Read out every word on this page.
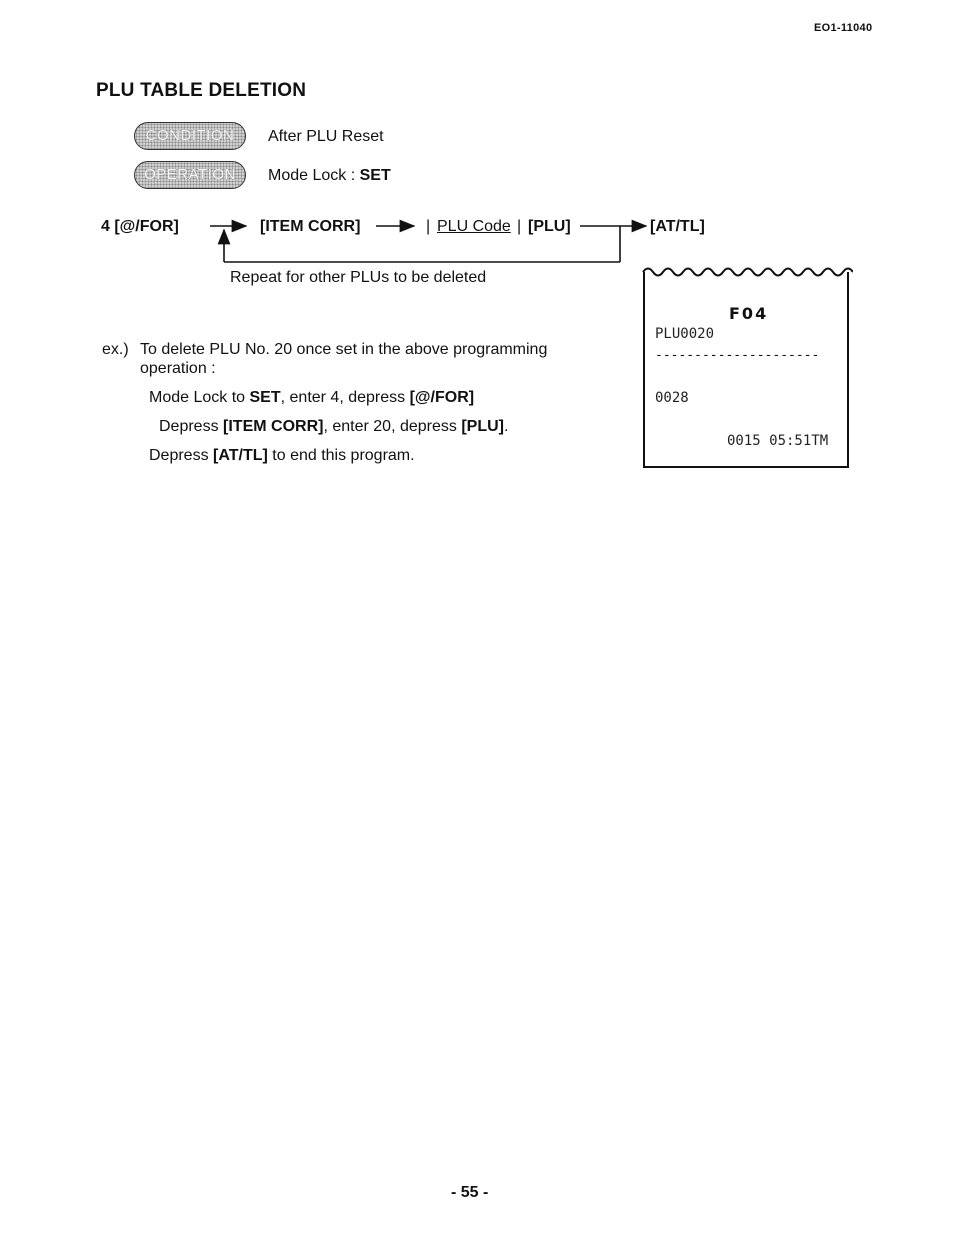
EO1-11040
PLU TABLE DELETION
CONDITION	After PLU Reset
OPERATION	Mode Lock : SET
4 [@/FOR]	[ITEM CORR]	| PLU Code | [PLU]	[AT/TL]
Repeat for other PLUs to be deleted
ex.) To delete PLU No. 20 once set in the above programming
operation :
Mode Lock to SET, enter 4, depress [@/FOR]
Depress [ITEM CORR], enter 20, depress [PLU].
Depress [AT/TL] to end this program.
F04
PLU0020
---------------------
0028
0015 05:51TM
- 55 -
